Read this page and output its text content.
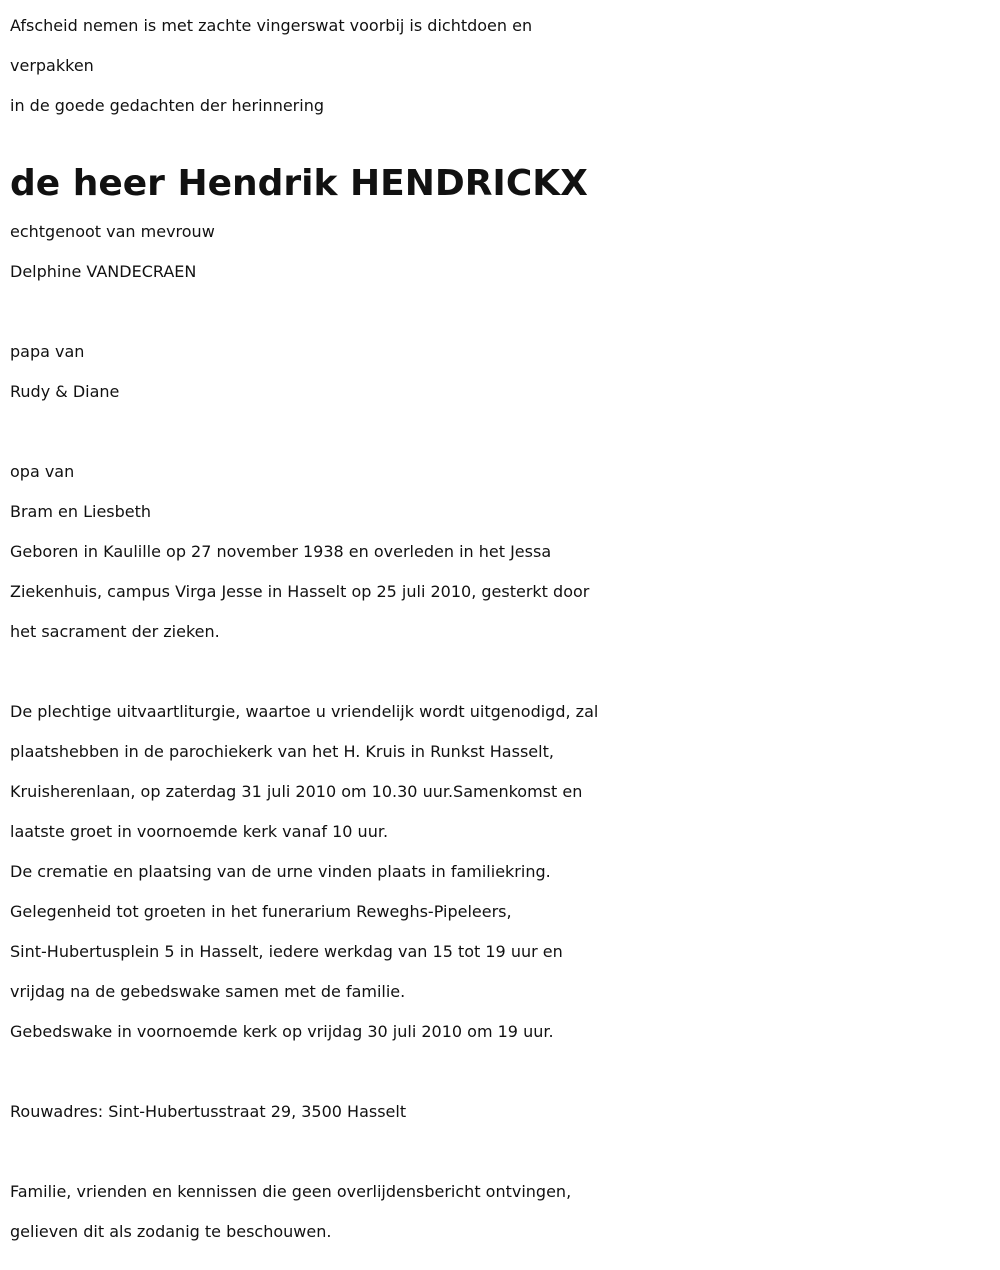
Afscheid nemen is met zachte vingerswat voorbij is dichtdoen en
verpakken
in de goede gedachten der herinnering
de heer Hendrik HENDRICKX
echtgenoot van mevrouw
Delphine VANDECRAEN
papa van
Rudy & Diane
opa van
Bram en Liesbeth
Geboren in Kaulille op 27 november 1938 en overleden in het Jessa
Ziekenhuis, campus Virga Jesse in Hasselt op 25 juli 2010, gesterkt door
het sacrament der zieken.
De plechtige uitvaartliturgie, waartoe u vriendelijk wordt uitgenodigd, zal
plaatshebben in de parochiekerk van het H. Kruis in Runkst Hasselt,
Kruisherenlaan, op zaterdag 31 juli 2010 om 10.30 uur.Samenkomst en
laatste groet in voornoemde kerk vanaf 10 uur.
De crematie en plaatsing van de urne vinden plaats in familiekring.
Gelegenheid tot groeten in het funerarium Reweghs-Pipeleers,
Sint-Hubertusplein 5 in Hasselt, iedere werkdag van 15 tot 19 uur en
vrijdag na de gebedswake samen met de familie.
Gebedswake in voornoemde kerk op vrijdag 30 juli 2010 om 19 uur.
Rouwadres: Sint-Hubertusstraat 29, 3500 Hasselt
Familie, vrienden en kennissen die geen overlijdensbericht ontvingen,
gelieven dit als zodanig te beschouwen.
